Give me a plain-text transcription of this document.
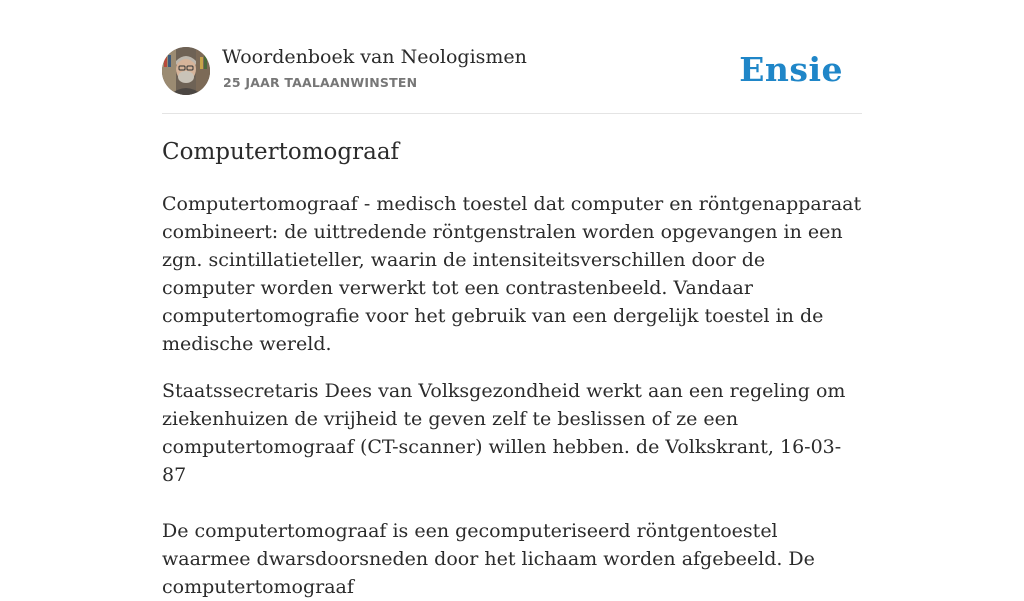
Woordenboek van Neologismen
25 JAAR TAALAANWINSTEN	Ensie
Computertomograaf

Computertomograaf - medisch toestel dat computer en röntgenapparaat combineert: de uittredende röntgenstralen worden opgevangen in een zgn. scintillatieteller, waarin de intensiteitsverschillen door de computer worden verwerkt tot een contrastenbeeld. Vandaar computertomografie voor het gebruik van een dergelijk toestel in de medische wereld.

Staatssecretaris Dees van Volksgezondheid werkt aan een regeling om ziekenhuizen de vrijheid te geven zelf te beslissen of ze een computertomograaf (CT-scanner) willen hebben. de Volkskrant, 16-03-87

De computertomograaf is een gecomputeriseerd röntgentoestel waarmee dwarsdoorsneden door het lichaam worden afgebeeld. De computertomograaf
